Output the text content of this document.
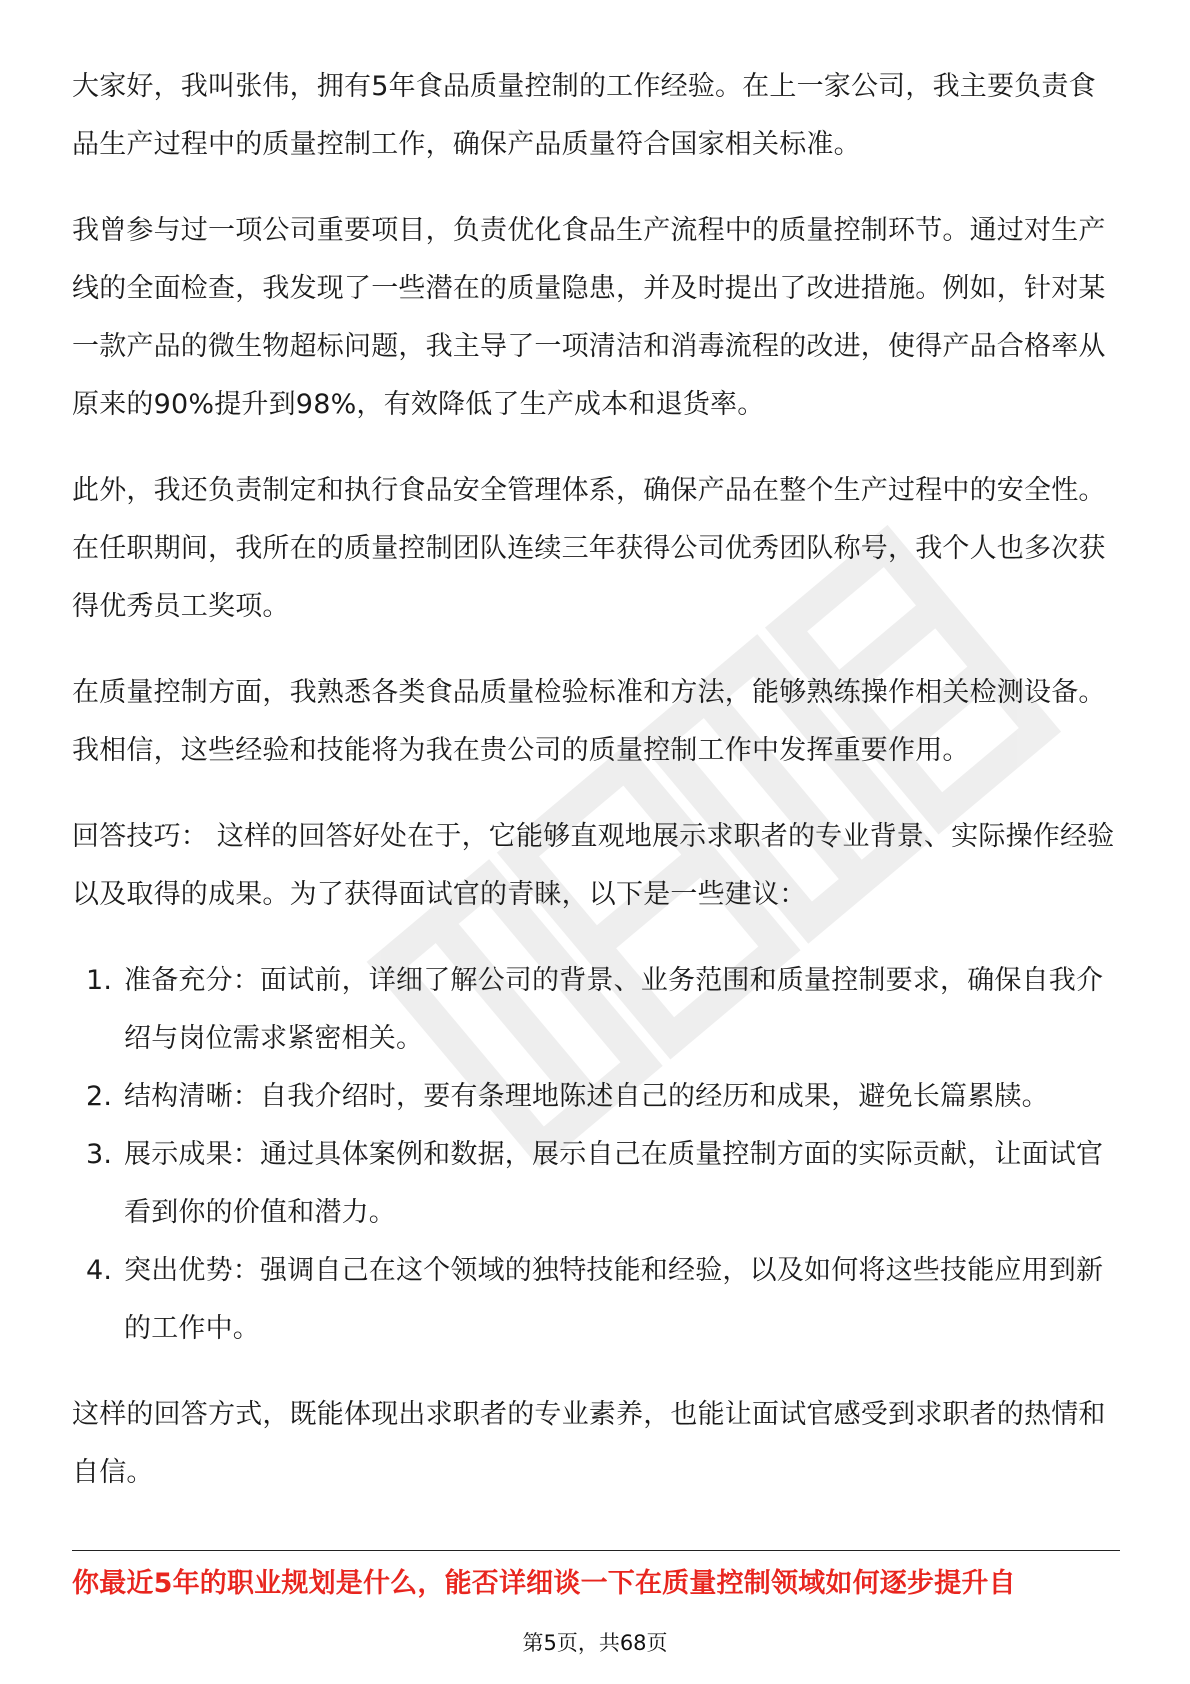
大家好，我叫张伟，拥有5年食品质量控制的工作经验。在上一家公司，我主要负责食品生产过程中的质量控制工作，确保产品质量符合国家相关标准。

我曾参与过一项公司重要项目，负责优化食品生产流程中的质量控制环节。通过对生产线的全面检查，我发现了一些潜在的质量隐患，并及时提出了改进措施。例如，针对某一款产品的微生物超标问题，我主导了一项清洁和消毒流程的改进，使得产品合格率从原来的90%提升到98%，有效降低了生产成本和退货率。

此外，我还负责制定和执行食品安全管理体系，确保产品在整个生产过程中的安全性。在任职期间，我所在的质量控制团队连续三年获得公司优秀团队称号，我个人也多次获得优秀员工奖项。

在质量控制方面，我熟悉各类食品质量检验标准和方法，能够熟练操作相关检测设备。我相信，这些经验和技能将为我在贵公司的质量控制工作中发挥重要作用。

回答技巧： 这样的回答好处在于，它能够直观地展示求职者的专业背景、实际操作经验以及取得的成果。为了获得面试官的青睐，以下是一些建议：

1. 准备充分：面试前，详细了解公司的背景、业务范围和质量控制要求，确保自我介绍与岗位需求紧密相关。
2. 结构清晰：自我介绍时，要有条理地陈述自己的经历和成果，避免长篇累牍。
3. 展示成果：通过具体案例和数据，展示自己在质量控制方面的实际贡献，让面试官看到你的价值和潜力。
4. 突出优势：强调自己在这个领域的独特技能和经验，以及如何将这些技能应用到新的工作中。

这样的回答方式，既能体现出求职者的专业素养，也能让面试官感受到求职者的热情和自信。

你最近5年的职业规划是什么，能否详细谈一下在质量控制领域如何逐步提升自
第5页，共68页
